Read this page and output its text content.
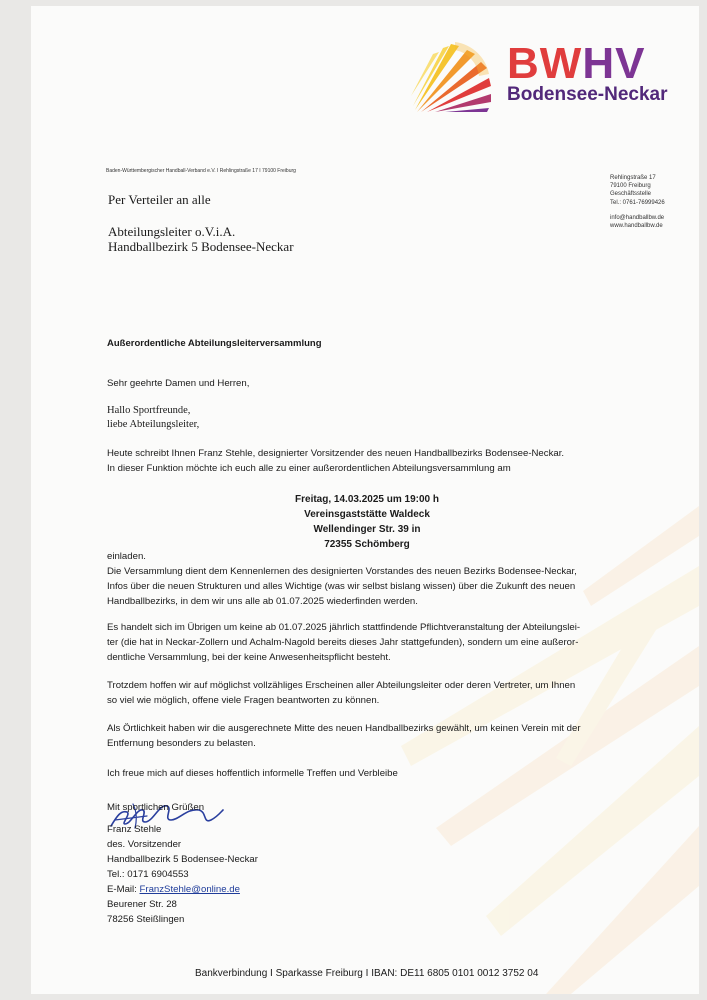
BWHV
Bodensee-Neckar
Baden-Württembergischer Handball-Verband e.V. I Rehlingstraße 17 I 79100 Freiburg
Rehlingstraße 17
79100 Freiburg
Geschäftsstelle
Tel.: 0761-76999426
info@handballbw.de
www.handballbw.de
Per Verteiler an alle
Abteilungsleiter o.V.i.A.
Handballbezirk 5 Bodensee-Neckar
Außerordentliche Abteilungsleiterversammlung
Sehr geehrte Damen und Herren,
Hallo Sportfreunde,
liebe Abteilungsleiter,
Heute schreibt Ihnen Franz Stehle, designierter Vorsitzender des neuen Handballbezirks Bodensee-Neckar.
In dieser Funktion möchte ich euch alle zu einer außerordentlichen Abteilungsversammlung am
Freitag, 14.03.2025 um 19:00 h
Vereinsgaststätte Waldeck
Wellendinger Str. 39 in
72355 Schömberg
einladen.
Die Versammlung dient dem Kennenlernen des designierten Vorstandes des neuen Bezirks Bodensee-Neckar,
Infos über die neuen Strukturen und alles Wichtige (was wir selbst bislang wissen) über die Zukunft des neuen
Handballbezirks, in dem wir uns alle ab 01.07.2025 wiederfinden werden.
Es handelt sich im Übrigen um keine ab 01.07.2025 jährlich stattfindende Pflichtveranstaltung der Abteilungslei-
ter (die hat in Neckar-Zollern und Achalm-Nagold bereits dieses Jahr stattgefunden), sondern um eine außeror-
dentliche Versammlung, bei der keine Anwesenheitspflicht besteht.
Trotzdem hoffen wir auf möglichst vollzähliges Erscheinen aller Abteilungsleiter oder deren Vertreter, um Ihnen
so viel wie möglich, offene viele Fragen beantworten zu können.
Als Örtlichkeit haben wir die ausgerechnete Mitte des neuen Handballbezirks gewählt, um keinen Verein mit der
Entfernung besonders zu belasten.
Ich freue mich auf dieses hoffentlich informelle Treffen und Verbleibe
Mit sportlichen Grüßen
Franz Stehle
des. Vorsitzender
Handballbezirk 5 Bodensee-Neckar
Tel.: 0171 6904553
E-Mail: FranzStehle@online.de
Beurener Str. 28
78256 Steißlingen
Bankverbindung I Sparkasse Freiburg I IBAN: DE11 6805 0101 0012 3752 04
